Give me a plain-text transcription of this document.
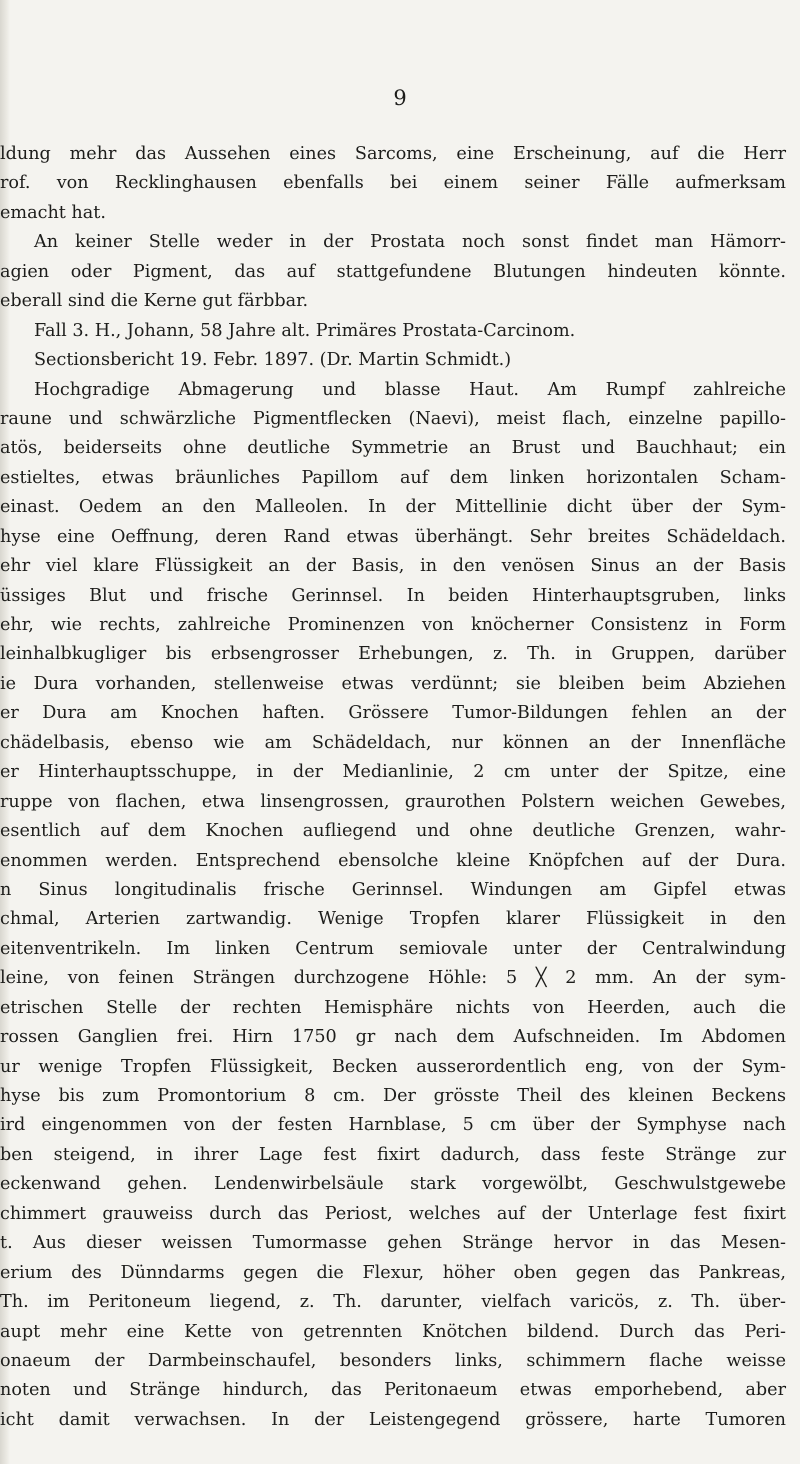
9
ldung mehr das Aussehen eines Sarcoms, eine Erscheinung, auf die Herr
rof. von Recklinghausen ebenfalls bei einem seiner Fälle aufmerksam
emacht hat.
An keiner Stelle weder in der Prostata noch sonst findet man Hämorr-
agien oder Pigment, das auf stattgefundene Blutungen hindeuten könnte.
eberall sind die Kerne gut färbbar.
Fall 3. H., Johann, 58 Jahre alt. Primäres Prostata-Carcinom.
Sectionsbericht 19. Febr. 1897. (Dr. Martin Schmidt.)
Hochgradige Abmagerung und blasse Haut. Am Rumpf zahlreiche
raune und schwärzliche Pigmentflecken (Naevi), meist flach, einzelne papillo-
atös, beiderseits ohne deutliche Symmetrie an Brust und Bauchhaut; ein
estieltes, etwas bräunliches Papillom auf dem linken horizontalen Scham-
einast. Oedem an den Malleolen. In der Mittellinie dicht über der Sym-
hyse eine Oeffnung, deren Rand etwas überhängt. Sehr breites Schädeldach.
ehr viel klare Flüssigkeit an der Basis, in den venösen Sinus an der Basis
üssiges Blut und frische Gerinnsel. In beiden Hinterhauptsgruben, links
ehr, wie rechts, zahlreiche Prominenzen von knöcherner Consistenz in Form
leinhalbkugliger bis erbsengrosser Erhebungen, z. Th. in Gruppen, darüber
ie Dura vorhanden, stellenweise etwas verdünnt; sie bleiben beim Abziehen
er Dura am Knochen haften. Grössere Tumor-Bildungen fehlen an der
chädelbasis, ebenso wie am Schädeldach, nur können an der Innenfläche
er Hinterhauptsschuppe, in der Medianlinie, 2 cm unter der Spitze, eine
ruppe von flachen, etwa linsengrossen, graurothen Polstern weichen Gewebes,
esentlich auf dem Knochen aufliegend und ohne deutliche Grenzen, wahr-
enommen werden. Entsprechend ebensolche kleine Knöpfchen auf der Dura.
n Sinus longitudinalis frische Gerinnsel. Windungen am Gipfel etwas
chmal, Arterien zartwandig. Wenige Tropfen klarer Flüssigkeit in den
eitenventrikeln. Im linken Centrum semiovale unter der Centralwindung
leine, von feinen Strängen durchzogene Höhle: 5 ╳ 2 mm. An der sym-
etrischen Stelle der rechten Hemisphäre nichts von Heerden, auch die
rossen Ganglien frei. Hirn 1750 gr nach dem Aufschneiden. Im Abdomen
ur wenige Tropfen Flüssigkeit, Becken ausserordentlich eng, von der Sym-
hyse bis zum Promontorium 8 cm. Der grösste Theil des kleinen Beckens
ird eingenommen von der festen Harnblase, 5 cm über der Symphyse nach
ben steigend, in ihrer Lage fest fixirt dadurch, dass feste Stränge zur
eckenwand gehen. Lendenwirbelsäule stark vorgewölbt, Geschwulstgewebe
chimmert grauweiss durch das Periost, welches auf der Unterlage fest fixirt
t. Aus dieser weissen Tumormasse gehen Stränge hervor in das Mesen-
erium des Dünndarms gegen die Flexur, höher oben gegen das Pankreas,
Th. im Peritoneum liegend, z. Th. darunter, vielfach varicös, z. Th. über-
aupt mehr eine Kette von getrennten Knötchen bildend. Durch das Peri-
onaeum der Darmbeinschaufel, besonders links, schimmern flache weisse
noten und Stränge hindurch, das Peritonaeum etwas emporhebend, aber
icht damit verwachsen. In der Leistengegend grössere, harte Tumoren
